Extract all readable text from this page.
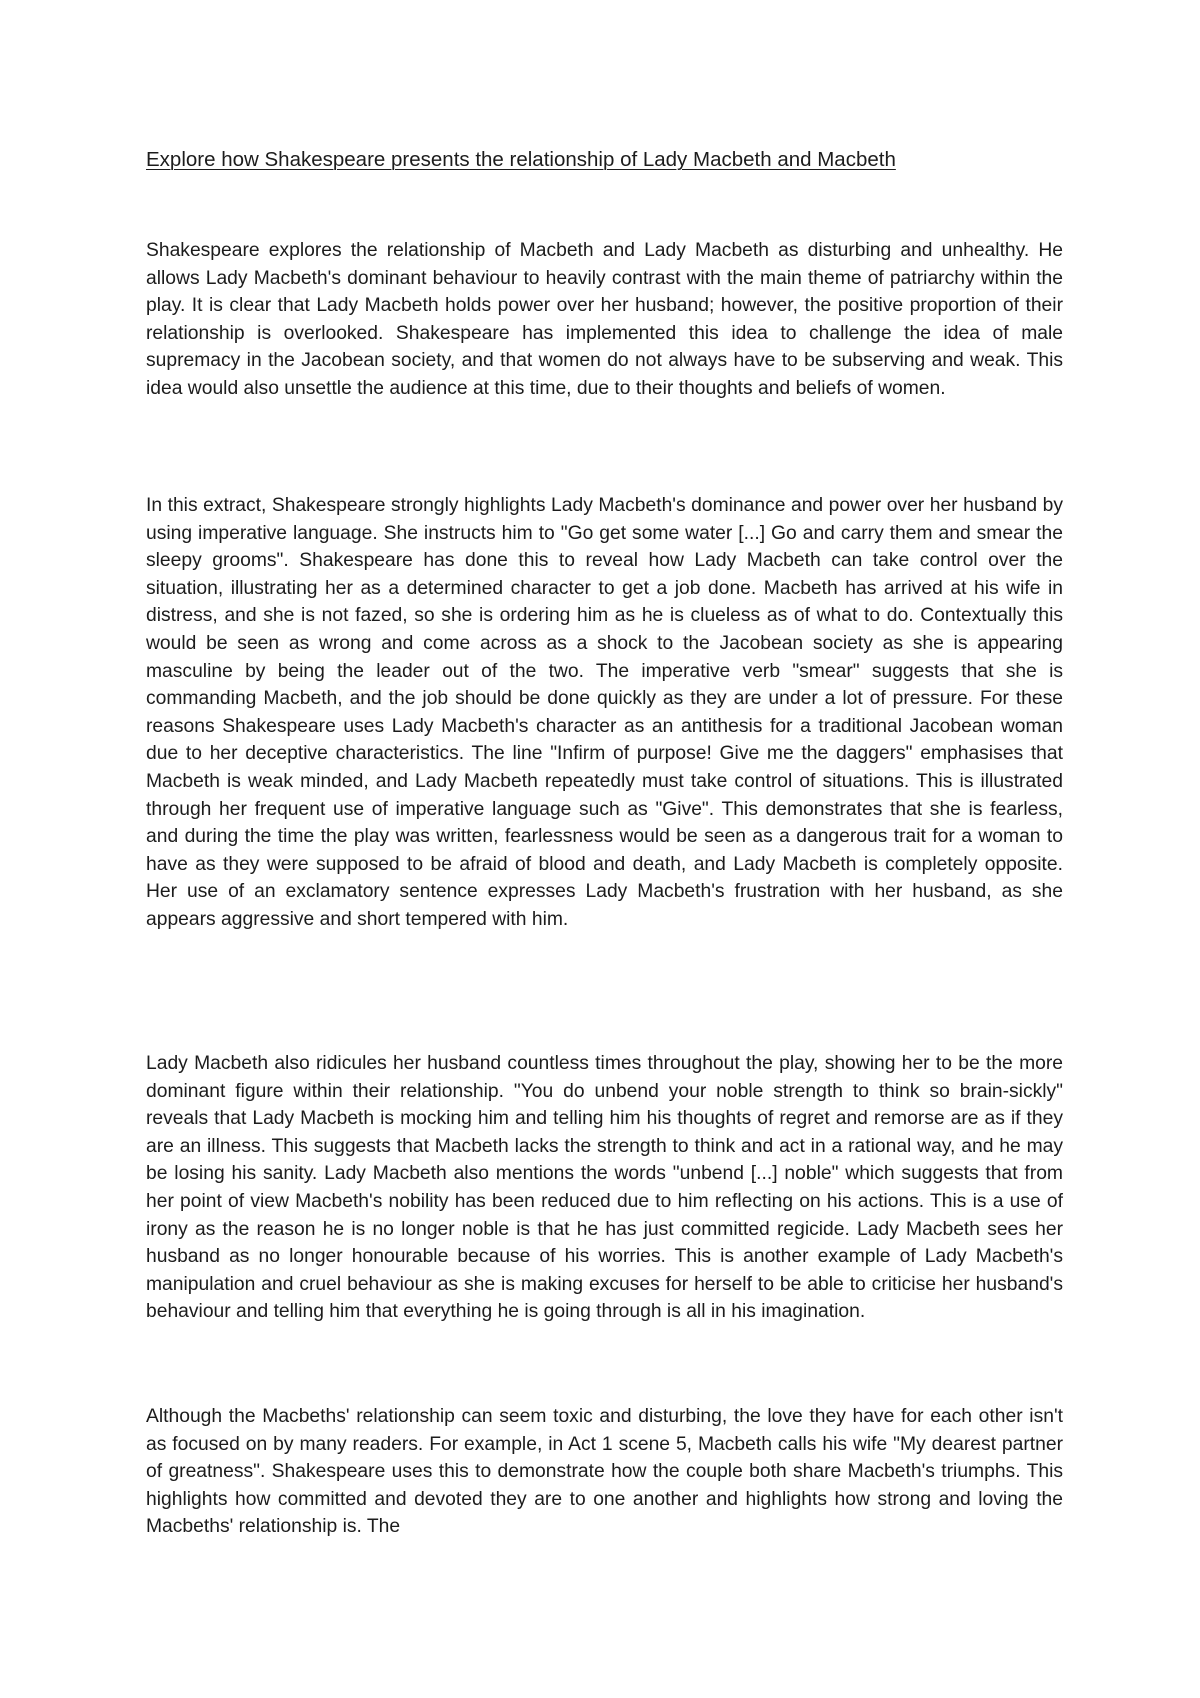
Explore how Shakespeare presents the relationship of Lady Macbeth and Macbeth

Shakespeare explores the relationship of Macbeth and Lady Macbeth as disturbing and unhealthy. He allows Lady Macbeth's dominant behaviour to heavily contrast with the main theme of patriarchy within the play. It is clear that Lady Macbeth holds power over her husband; however, the positive proportion of their relationship is overlooked. Shakespeare has implemented this idea to challenge the idea of male supremacy in the Jacobean society, and that women do not always have to be subserving and weak. This idea would also unsettle the audience at this time, due to their thoughts and beliefs of women.

In this extract, Shakespeare strongly highlights Lady Macbeth's dominance and power over her husband by using imperative language. She instructs him to "Go get some water [...] Go and carry them and smear the sleepy grooms". Shakespeare has done this to reveal how Lady Macbeth can take control over the situation, illustrating her as a determined character to get a job done. Macbeth has arrived at his wife in distress, and she is not fazed, so she is ordering him as he is clueless as of what to do. Contextually this would be seen as wrong and come across as a shock to the Jacobean society as she is appearing masculine by being the leader out of the two. The imperative verb "smear" suggests that she is commanding Macbeth, and the job should be done quickly as they are under a lot of pressure. For these reasons Shakespeare uses Lady Macbeth's character as an antithesis for a traditional Jacobean woman due to her deceptive characteristics. The line "Infirm of purpose! Give me the daggers" emphasises that Macbeth is weak minded, and Lady Macbeth repeatedly must take control of situations. This is illustrated through her frequent use of imperative language such as "Give". This demonstrates that she is fearless, and during the time the play was written, fearlessness would be seen as a dangerous trait for a woman to have as they were supposed to be afraid of blood and death, and Lady Macbeth is completely opposite. Her use of an exclamatory sentence expresses Lady Macbeth's frustration with her husband, as she appears aggressive and short tempered with him.

Lady Macbeth also ridicules her husband countless times throughout the play, showing her to be the more dominant figure within their relationship. "You do unbend your noble strength to think so brain-sickly" reveals that Lady Macbeth is mocking him and telling him his thoughts of regret and remorse are as if they are an illness. This suggests that Macbeth lacks the strength to think and act in a rational way, and he may be losing his sanity. Lady Macbeth also mentions the words "unbend [...] noble" which suggests that from her point of view Macbeth's nobility has been reduced due to him reflecting on his actions. This is a use of irony as the reason he is no longer noble is that he has just committed regicide. Lady Macbeth sees her husband as no longer honourable because of his worries. This is another example of Lady Macbeth's manipulation and cruel behaviour as she is making excuses for herself to be able to criticise her husband's behaviour and telling him that everything he is going through is all in his imagination.

Although the Macbeths' relationship can seem toxic and disturbing, the love they have for each other isn't as focused on by many readers. For example, in Act 1 scene 5, Macbeth calls his wife "My dearest partner of greatness". Shakespeare uses this to demonstrate how the couple both share Macbeth's triumphs. This highlights how committed and devoted they are to one another and highlights how strong and loving the Macbeths' relationship is. The
